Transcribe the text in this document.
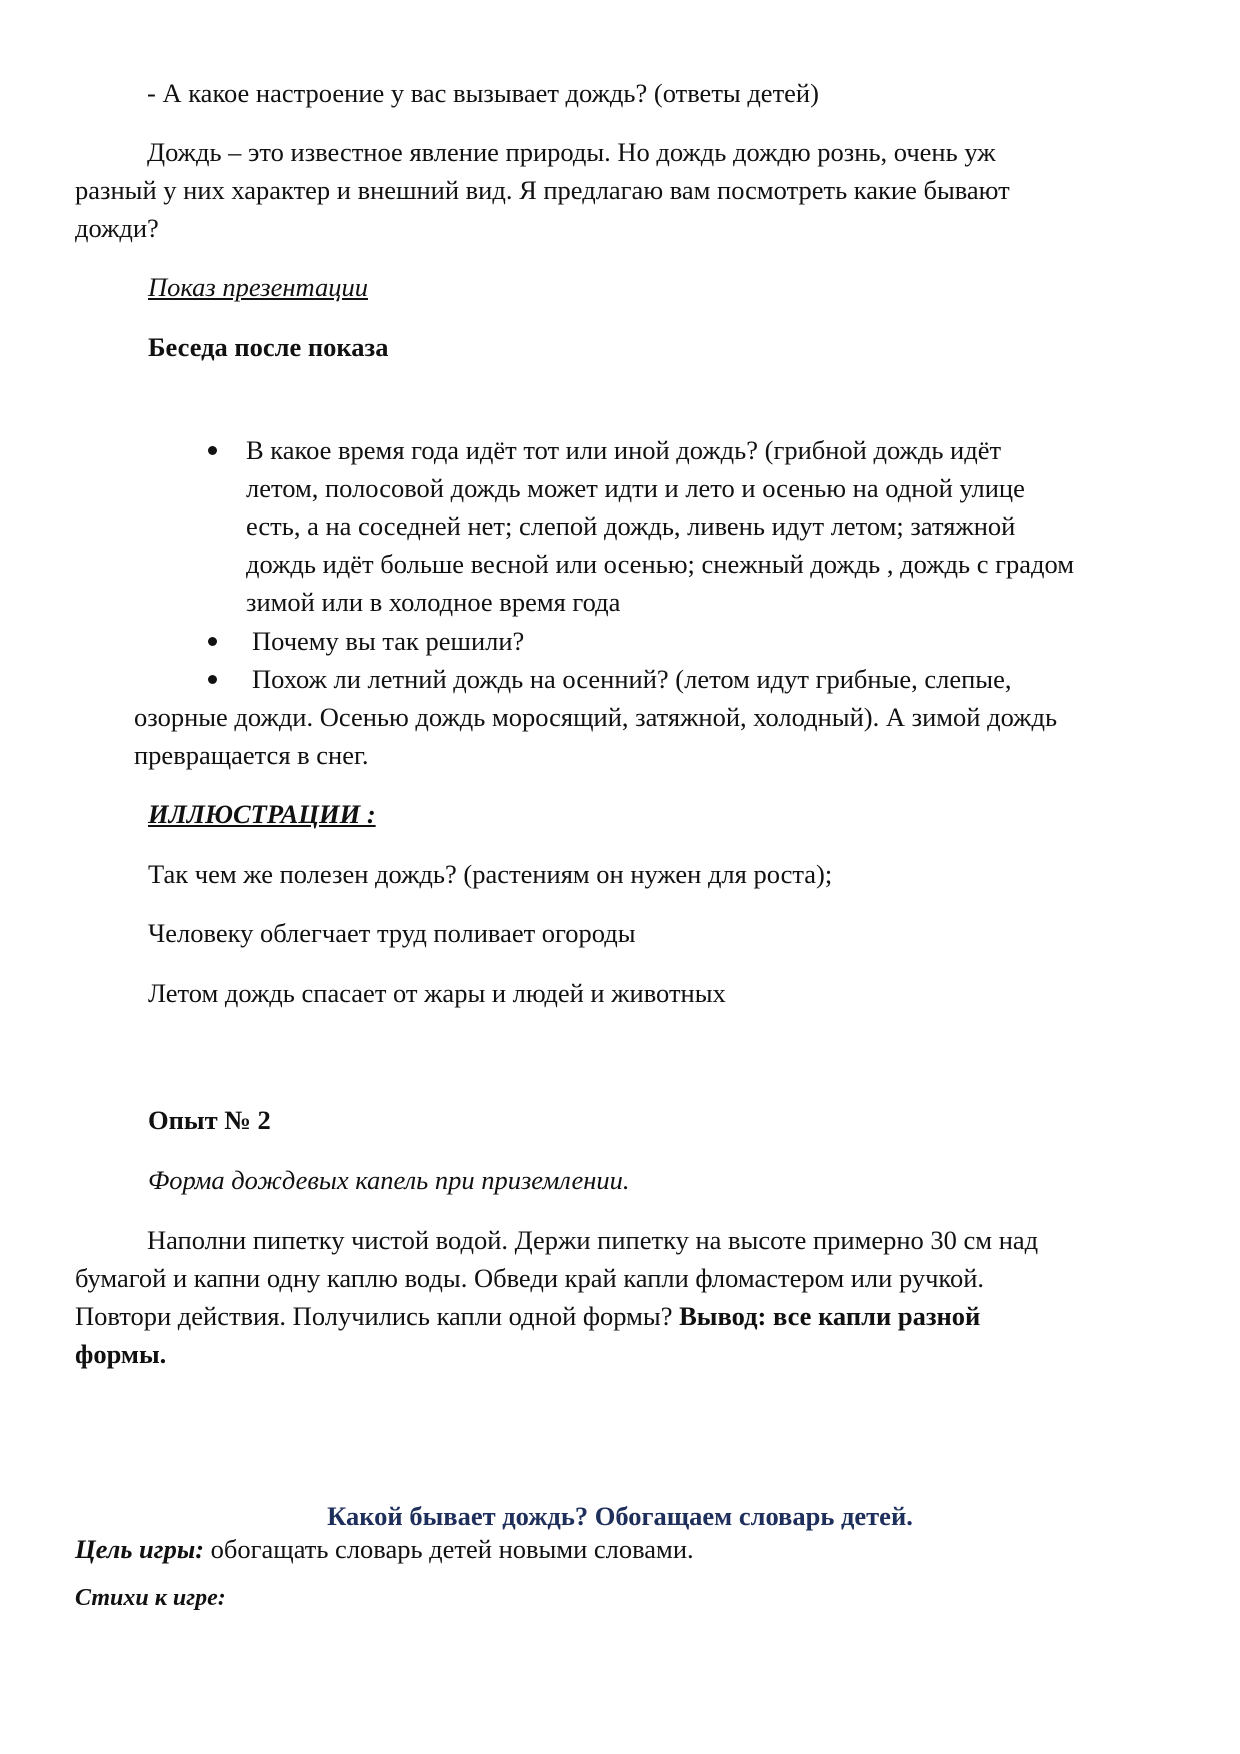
- А какое настроение у вас вызывает дождь? (ответы детей)

Дождь – это известное явление природы. Но дождь дождю рознь, очень уж

разный у них характер и внешний вид. Я предлагаю вам посмотреть какие бывают

дожди?

Показ презентации

Беседа после показа

В какое время года идёт тот или иной дождь? (грибной дождь идёт

летом, полосовой дождь может идти и лето и осенью на одной улице

есть, а на соседней нет; слепой дождь, ливень идут летом; затяжной

дождь идёт больше весной или осенью; снежный дождь , дождь с градом

зимой или в холодное время года

Почему вы так решили?

Похож ли летний дождь на осенний? (летом идут грибные, слепые,

озорные дожди. Осенью дождь моросящий, затяжной, холодный). А зимой дождь

превращается в снег.

ИЛЛЮСТРАЦИИ :

Так чем же полезен дождь? (растениям он нужен для роста);

Человеку облегчает труд поливает огороды

Летом дождь спасает от жары и людей и животных

Опыт № 2

Форма дождевых капель при приземлении.

Наполни пипетку чистой водой. Держи пипетку на высоте примерно 30 см над

бумагой и капни одну каплю воды. Обведи край капли фломастером или ручкой.

Повтори действия. Получились капли одной формы? Вывод: все капли разной

формы.

Какой бывает дождь? Обогащаем словарь детей.

Цель игры: обогащать словарь детей новыми словами.

Стихи к игре:
